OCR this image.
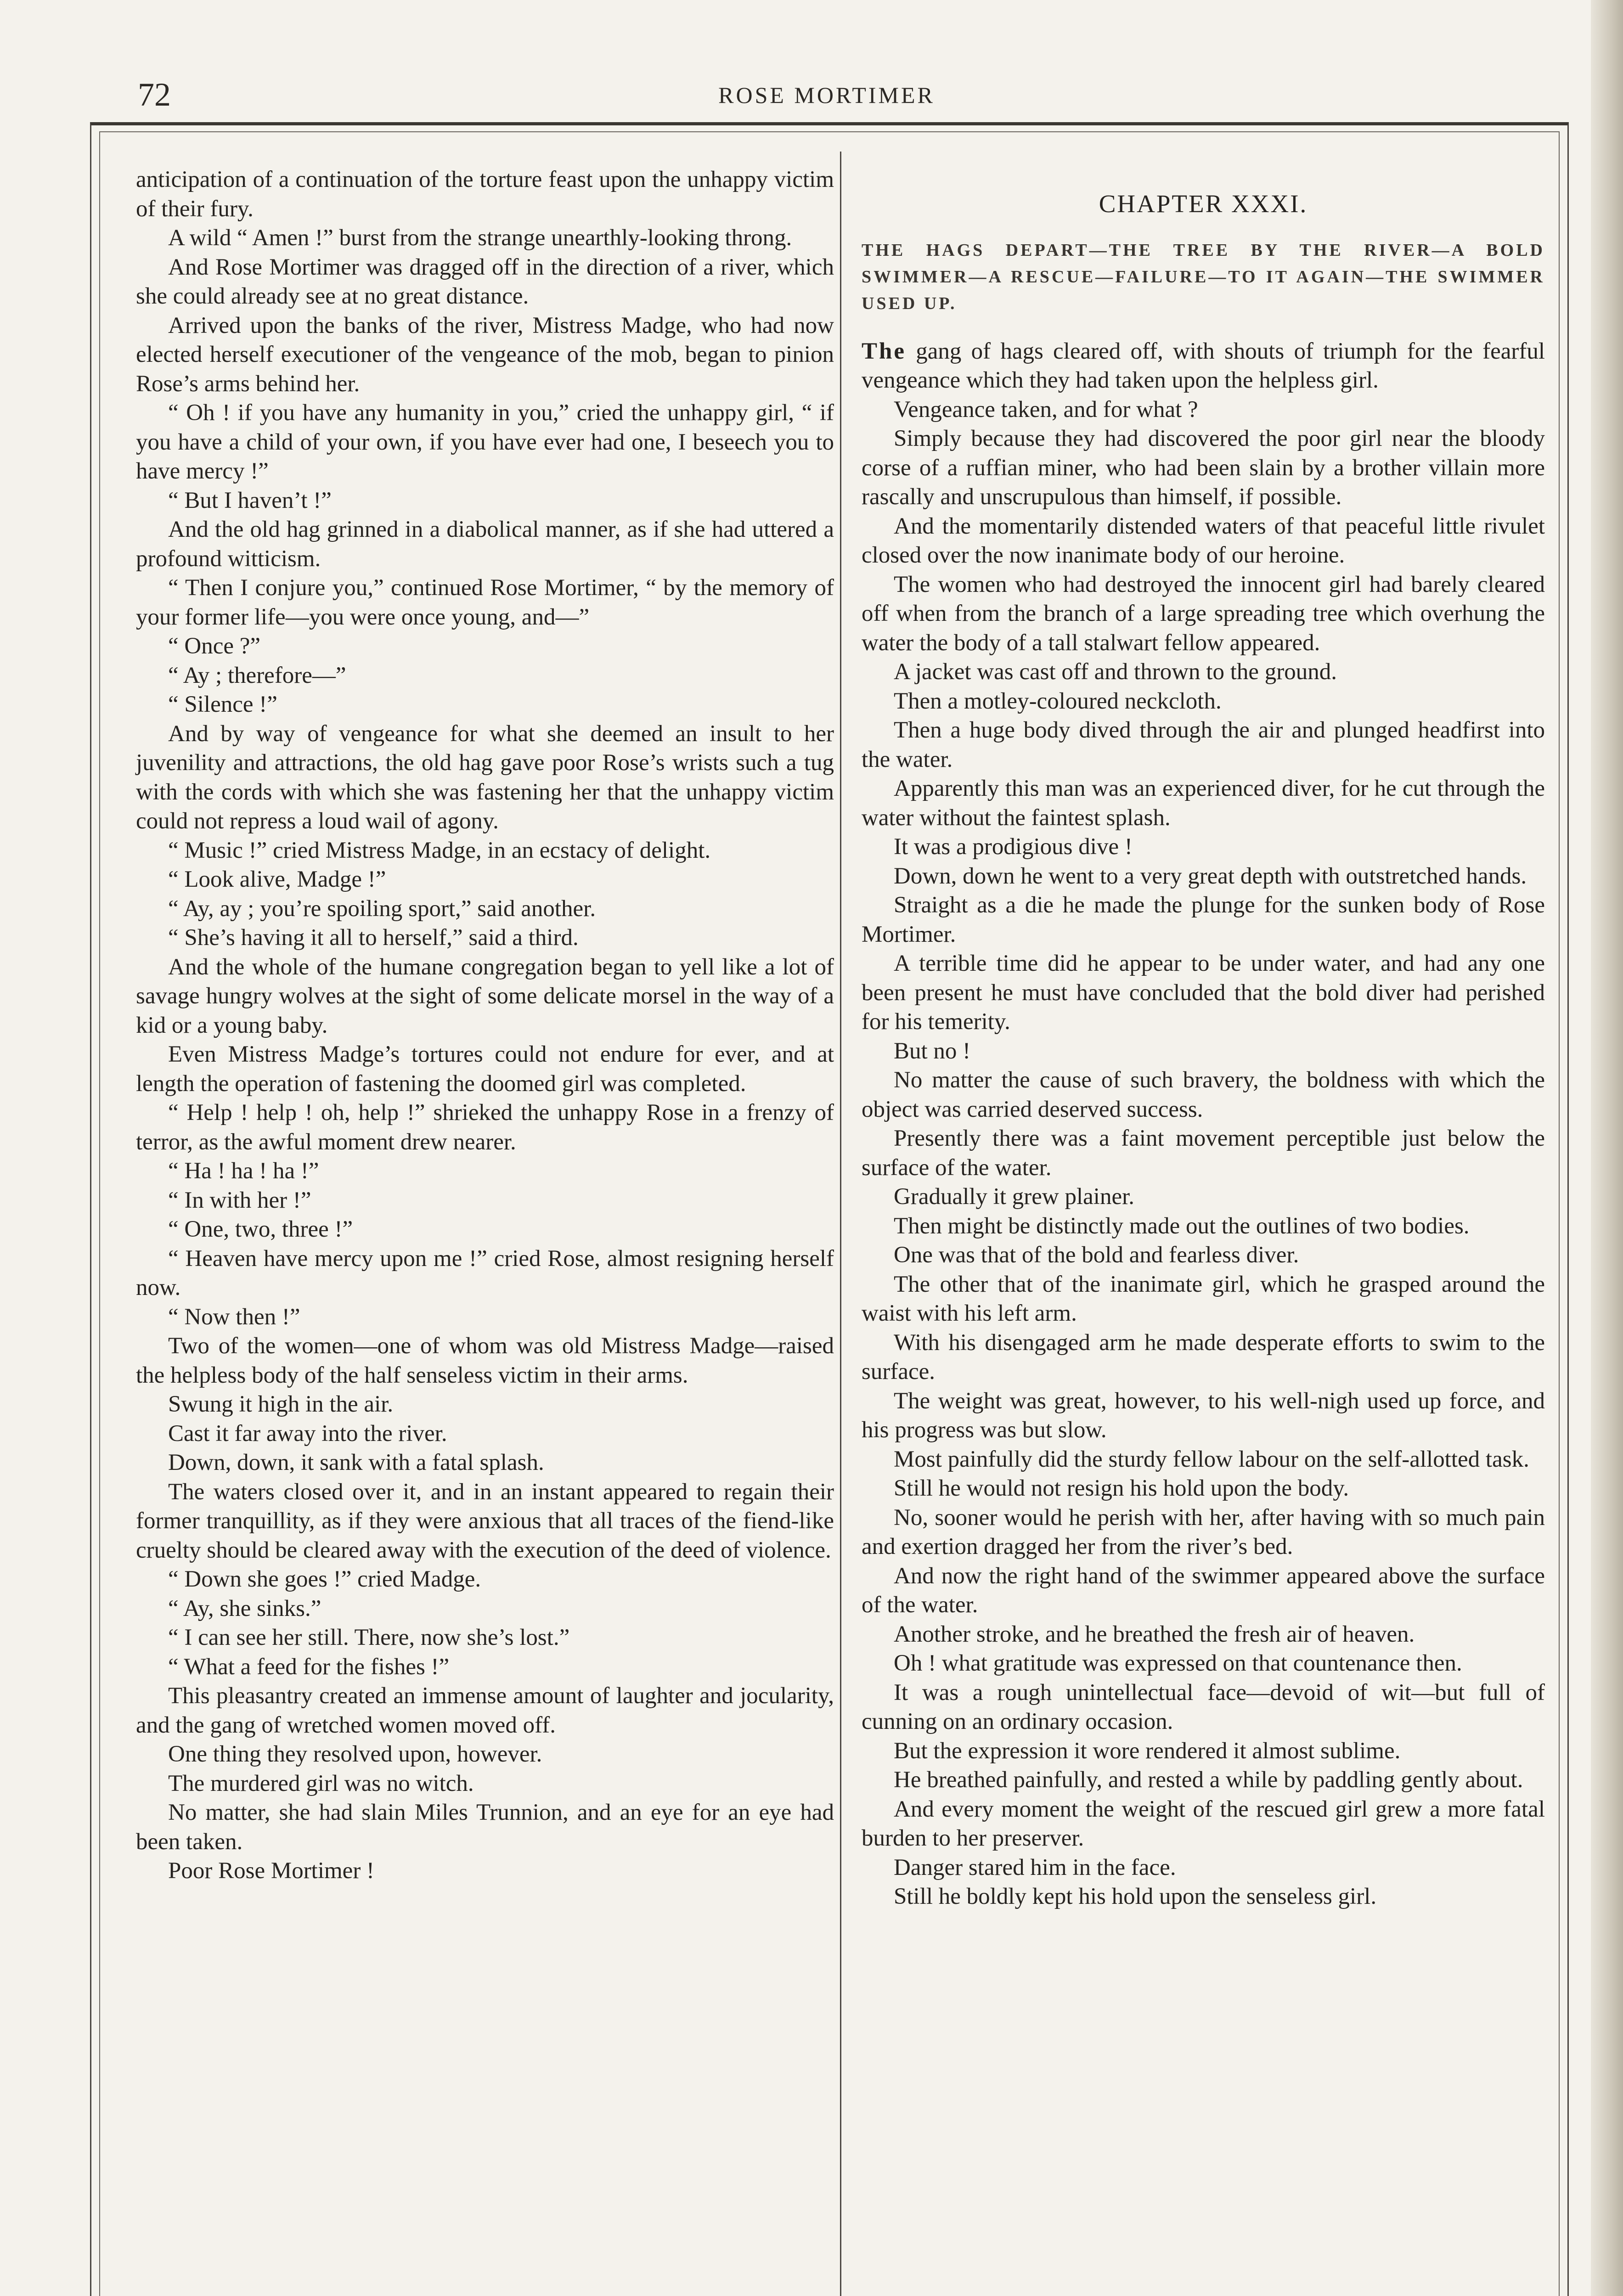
72	ROSE MORTIMER

anticipation of a continuation of the torture feast upon the unhappy victim of their fury.

A wild “ Amen !” burst from the strange unearthly-looking throng.

And Rose Mortimer was dragged off in the direction of a river, which she could already see at no great distance.

Arrived upon the banks of the river, Mistress Madge, who had now elected herself executioner of the vengeance of the mob, began to pinion Rose’s arms behind her.

“ Oh ! if you have any humanity in you,” cried the unhappy girl, “ if you have a child of your own, if you have ever had one, I beseech you to have mercy !”

“ But I haven’t !”

And the old hag grinned in a diabolical manner, as if she had uttered a profound witticism.

“ Then I conjure you,” continued Rose Mortimer, “ by the memory of your former life—you were once young, and—”

“ Once ?”

“ Ay ; therefore—”

“ Silence !”

And by way of vengeance for what she deemed an insult to her juvenility and attractions, the old hag gave poor Rose’s wrists such a tug with the cords with which she was fastening her that the unhappy victim could not repress a loud wail of agony.

“ Music !” cried Mistress Madge, in an ecstacy of delight.

“ Look alive, Madge !”

“ Ay, ay ; you’re spoiling sport,” said another.

“ She’s having it all to herself,” said a third.

And the whole of the humane congregation began to yell like a lot of savage hungry wolves at the sight of some delicate morsel in the way of a kid or a young baby.

Even Mistress Madge’s tortures could not endure for ever, and at length the operation of fastening the doomed girl was completed.

“ Help ! help ! oh, help !” shrieked the unhappy Rose in a frenzy of terror, as the awful moment drew nearer.

“ Ha ! ha ! ha !”

“ In with her !”

“ One, two, three !”

“ Heaven have mercy upon me !” cried Rose, almost resigning herself now.

“ Now then !”

Two of the women—one of whom was old Mistress Madge—raised the helpless body of the half senseless victim in their arms.

Swung it high in the air.

Cast it far away into the river.

Down, down, it sank with a fatal splash.

The waters closed over it, and in an instant appeared to regain their former tranquillity, as if they were anxious that all traces of the fiend-like cruelty should be cleared away with the execution of the deed of violence.

“ Down she goes !” cried Madge.

“ Ay, she sinks.”

“ I can see her still. There, now she’s lost.”

“ What a feed for the fishes !”

This pleasantry created an immense amount of laughter and jocularity, and the gang of wretched women moved off.

One thing they resolved upon, however.

The murdered girl was no witch.

No matter, she had slain Miles Trunnion, and an eye for an eye had been taken.

Poor Rose Mortimer !

CHAPTER XXXI.
THE HAGS DEPART—THE TREE BY THE RIVER—A BOLD SWIMMER—A RESCUE—FAILURE—TO IT AGAIN—THE SWIMMER USED UP.

The gang of hags cleared off, with shouts of triumph for the fearful vengeance which they had taken upon the helpless girl.

Vengeance taken, and for what ?

Simply because they had discovered the poor girl near the bloody corse of a ruffian miner, who had been slain by a brother villain more rascally and unscrupulous than himself, if possible.

And the momentarily distended waters of that peaceful little rivulet closed over the now inanimate body of our heroine.

The women who had destroyed the innocent girl had barely cleared off when from the branch of a large spreading tree which overhung the water the body of a tall stalwart fellow appeared.

A jacket was cast off and thrown to the ground.

Then a motley-coloured neckcloth.

Then a huge body dived through the air and plunged headfirst into the water.

Apparently this man was an experienced diver, for he cut through the water without the faintest splash.

It was a prodigious dive !

Down, down he went to a very great depth with outstretched hands.

Straight as a die he made the plunge for the sunken body of Rose Mortimer.

A terrible time did he appear to be under water, and had any one been present he must have concluded that the bold diver had perished for his temerity.

But no !

No matter the cause of such bravery, the boldness with which the object was carried deserved success.

Presently there was a faint movement perceptible just below the surface of the water.

Gradually it grew plainer.

Then might be distinctly made out the outlines of two bodies.

One was that of the bold and fearless diver.

The other that of the inanimate girl, which he grasped around the waist with his left arm.

With his disengaged arm he made desperate efforts to swim to the surface.

The weight was great, however, to his well-nigh used up force, and his progress was but slow.

Most painfully did the sturdy fellow labour on the self-allotted task.

Still he would not resign his hold upon the body.

No, sooner would he perish with her, after having with so much pain and exertion dragged her from the river’s bed.

And now the right hand of the swimmer appeared above the surface of the water.

Another stroke, and he breathed the fresh air of heaven.

Oh ! what gratitude was expressed on that countenance then.

It was a rough unintellectual face—devoid of wit—but full of cunning on an ordinary occasion.

But the expression it wore rendered it almost sublime.

He breathed painfully, and rested a while by paddling gently about.

And every moment the weight of the rescued girl grew a more fatal burden to her preserver.

Danger stared him in the face.

Still he boldly kept his hold upon the senseless girl.
